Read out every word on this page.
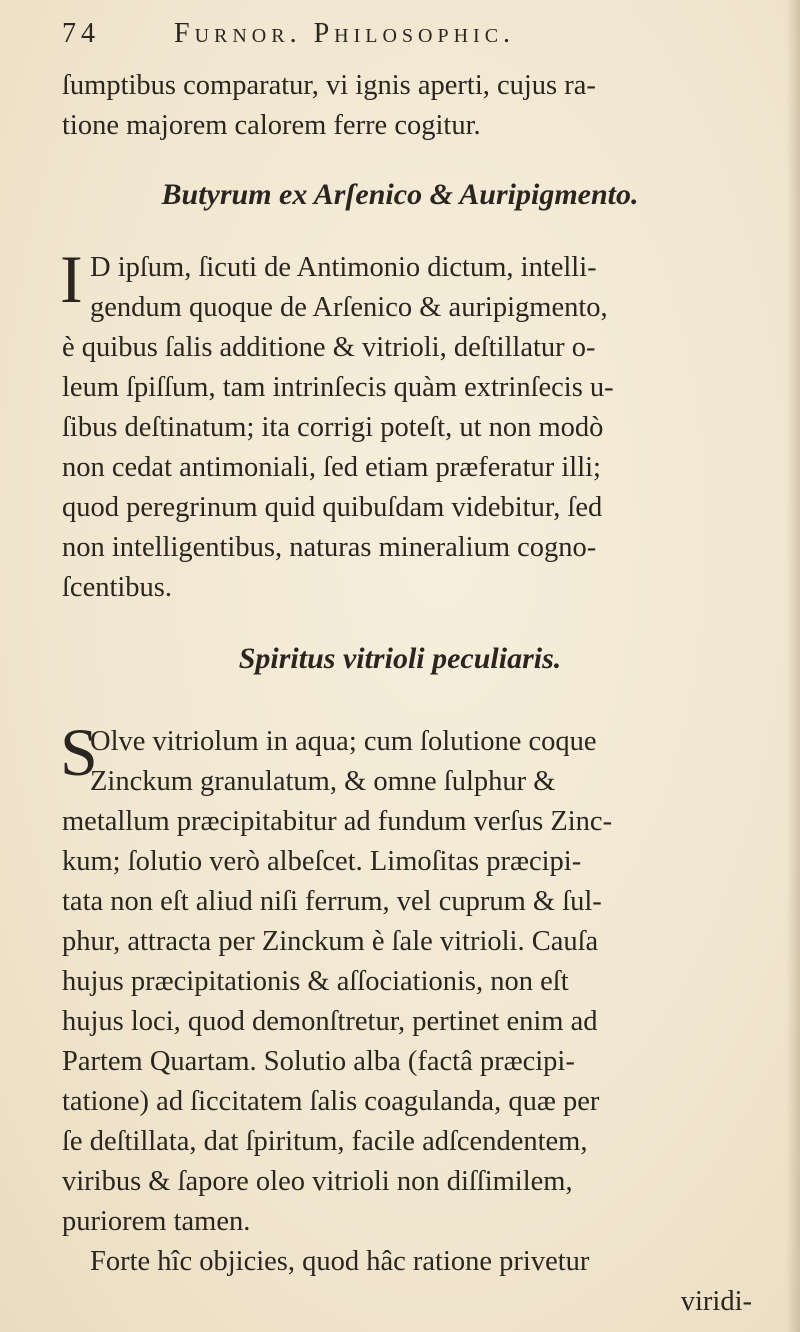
74	Furnor. Philosophic.
ſumptibus comparatur, vi ignis aperti, cujus ra-
tione majorem calorem ferre cogitur.
Butyrum ex Arſenico & Auripigmento.
I D ipſum, ſicuti de Antimonio dictum, intelli-
gendum quoque de Arſenico & auripigmento,
è quibus ſalis additione & vitrioli, deſtillatur o-
leum ſpiſſum, tam intrinſecis quàm extrinſecis u-
ſibus deſtinatum; ita corrigi poteſt, ut non modò
non cedat antimoniali, ſed etiam præferatur illi;
quod peregrinum quid quibuſdam videbitur, ſed
non intelligentibus, naturas mineralium cogno-
ſcentibus.
Spiritus vitrioli peculiaris.
S
Olve vitriolum in aqua; cum ſolutione coque
Zinckum granulatum, & omne ſulphur &
metallum præcipitabitur ad fundum verſus Zinc-
kum; ſolutio verò albeſcet. Limoſitas præcipi-
tata non eſt aliud niſi ferrum, vel cuprum & ſul-
phur, attracta per Zinckum è ſale vitrioli. Cauſa
hujus præcipitationis & aſſociationis, non eſt
hujus loci, quod demonſtretur, pertinet enim ad
Partem Quartam. Solutio alba (factâ præcipi-
tatione) ad ſiccitatem ſalis coagulanda, quæ per
ſe deſtillata, dat ſpiritum, facile adſcendentem,
viribus & ſapore oleo vitrioli non diſſimilem,
puriorem tamen.
Forte hîc objicies, quod hâc ratione privetur
viridi-
